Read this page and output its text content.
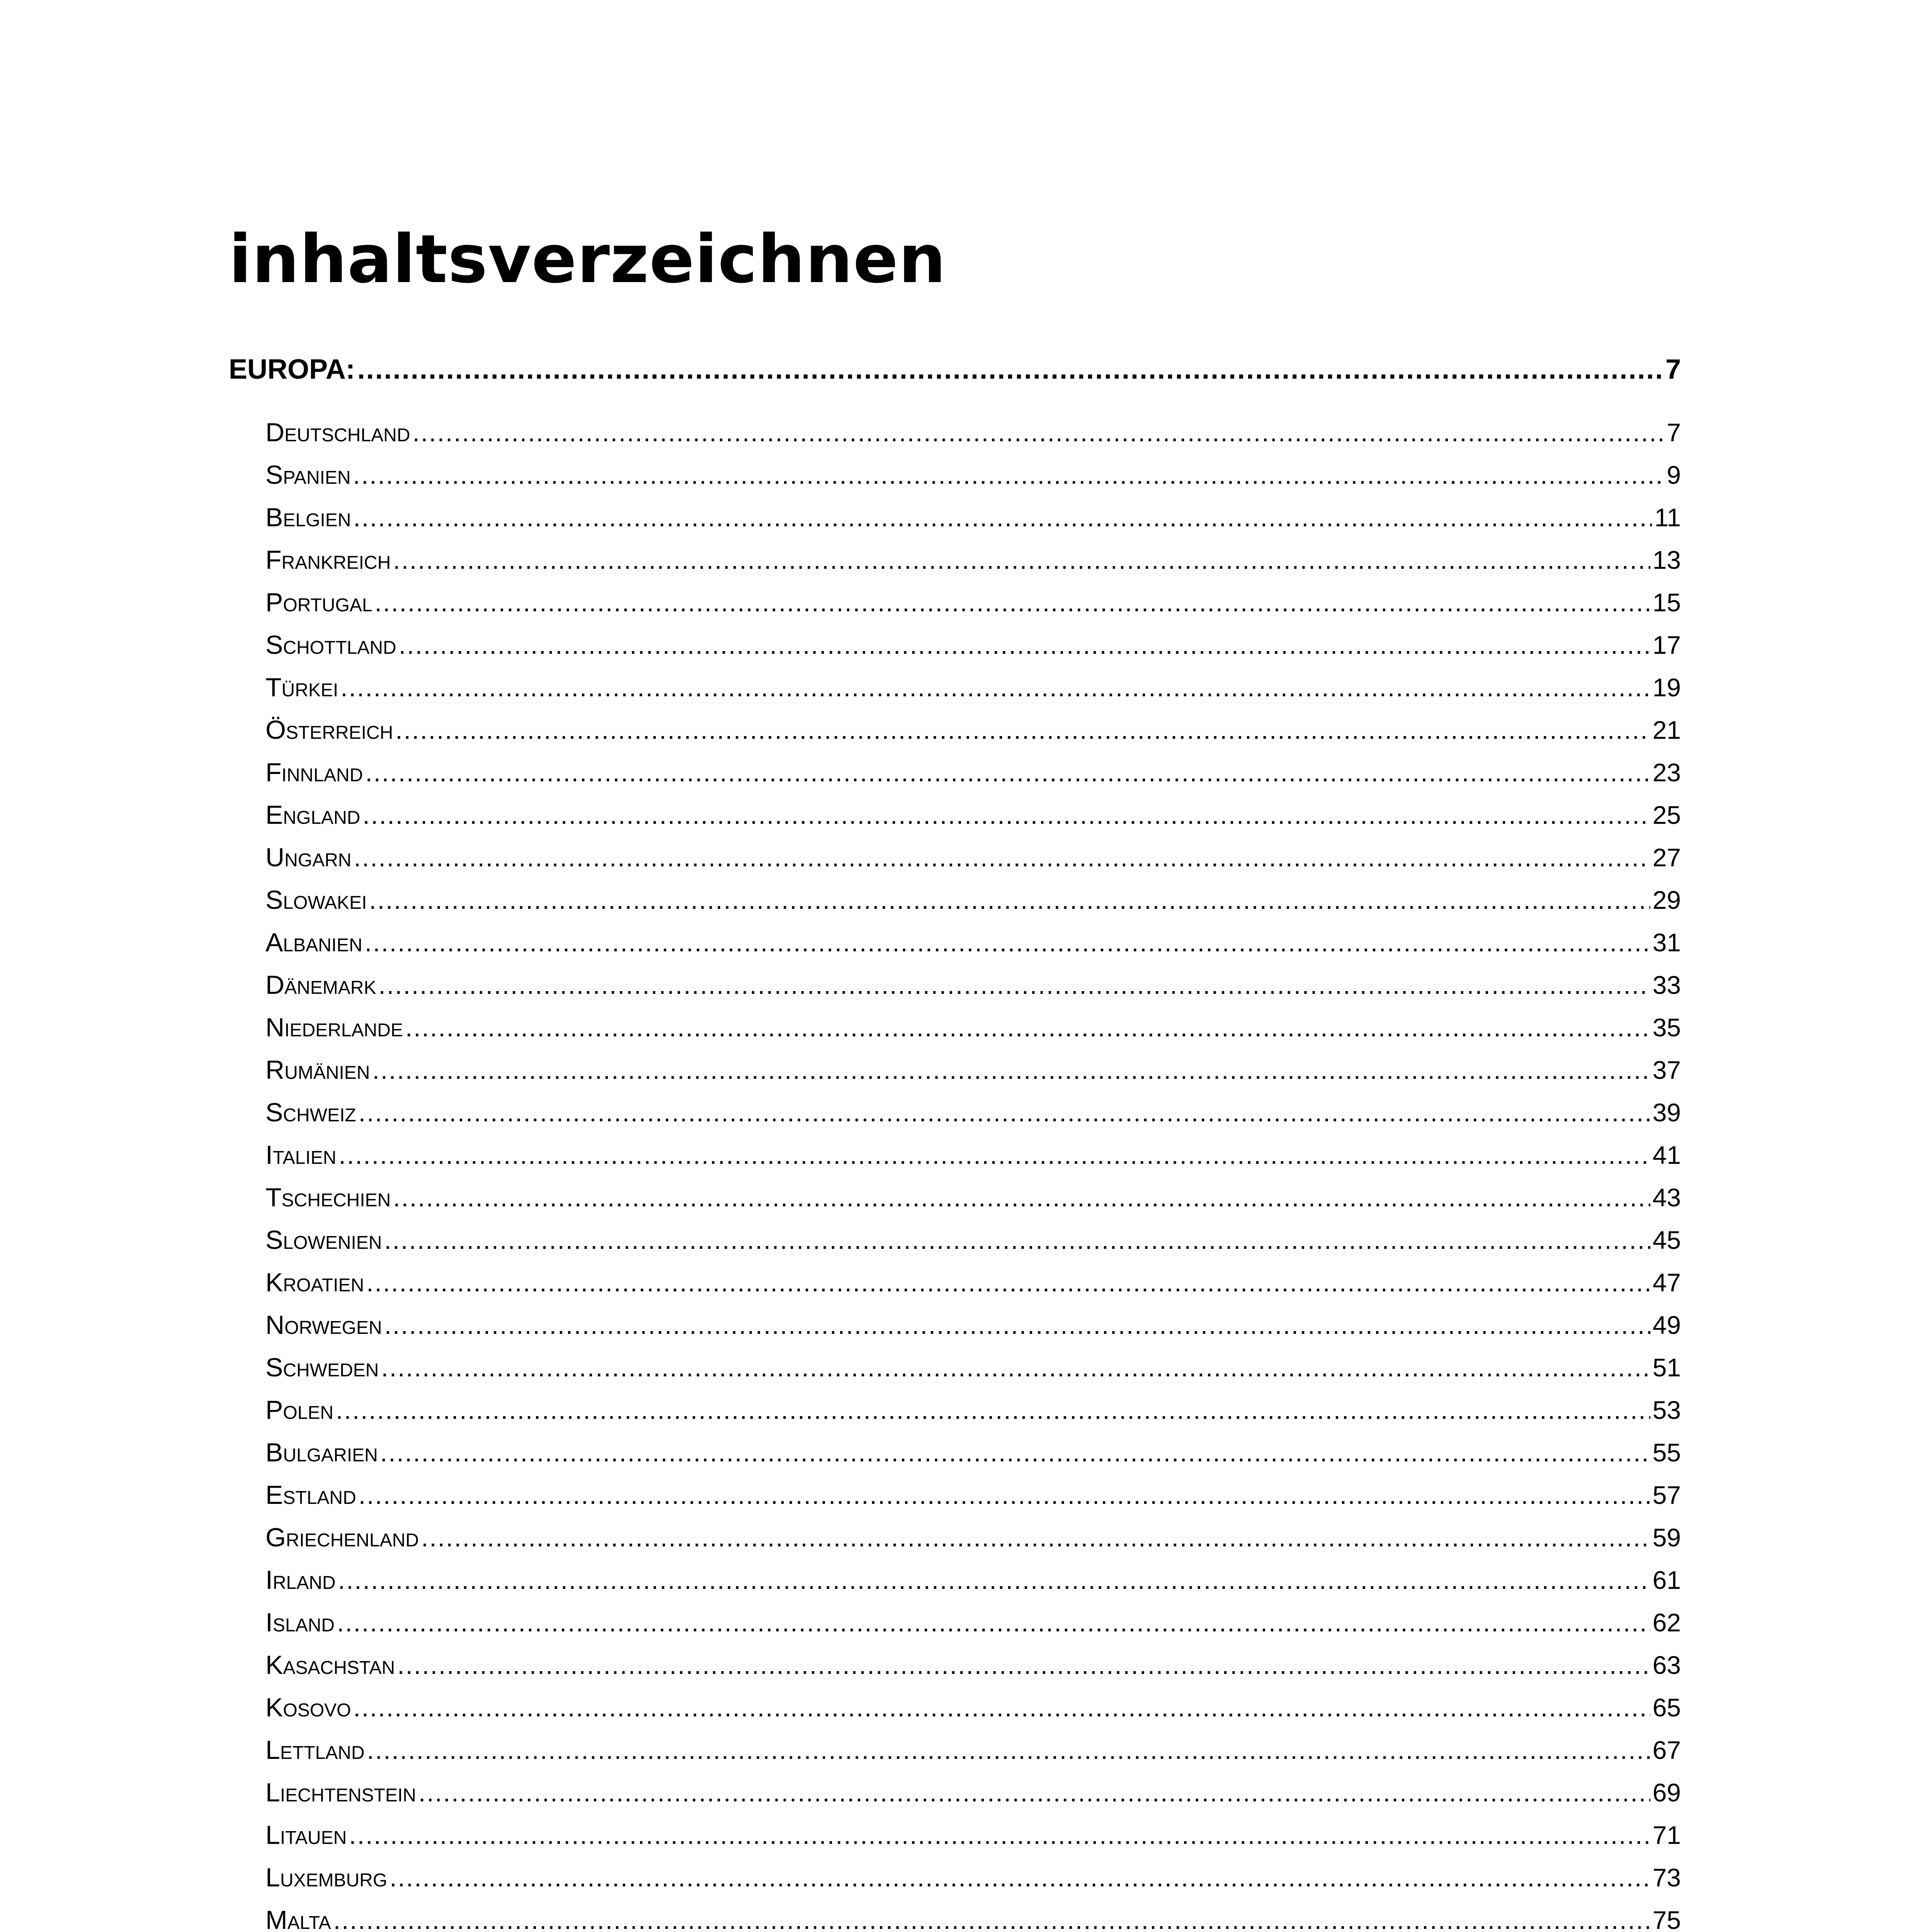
inhaltsverzeichnen
EUROPA: .....	7
Deutschland .....	7
Spanien .....	9
Belgien .....	11
Frankreich .....	13
Portugal .....	15
Schottland .....	17
Türkei .....	19
Österreich .....	21
Finnland .....	23
England .....	25
Ungarn .....	27
Slowakei .....	29
Albanien .....	31
Dänemark .....	33
Niederlande .....	35
Rumänien .....	37
Schweiz .....	39
Italien .....	41
Tschechien .....	43
Slowenien .....	45
Kroatien .....	47
Norwegen .....	49
Schweden .....	51
Polen .....	53
Bulgarien .....	55
Estland .....	57
Griechenland .....	59
Irland .....	61
Island .....	62
Kasachstan .....	63
Kosovo .....	65
Lettland .....	67
Liechtenstein .....	69
Litauen .....	71
Luxemburg .....	73
Malta .....	75
